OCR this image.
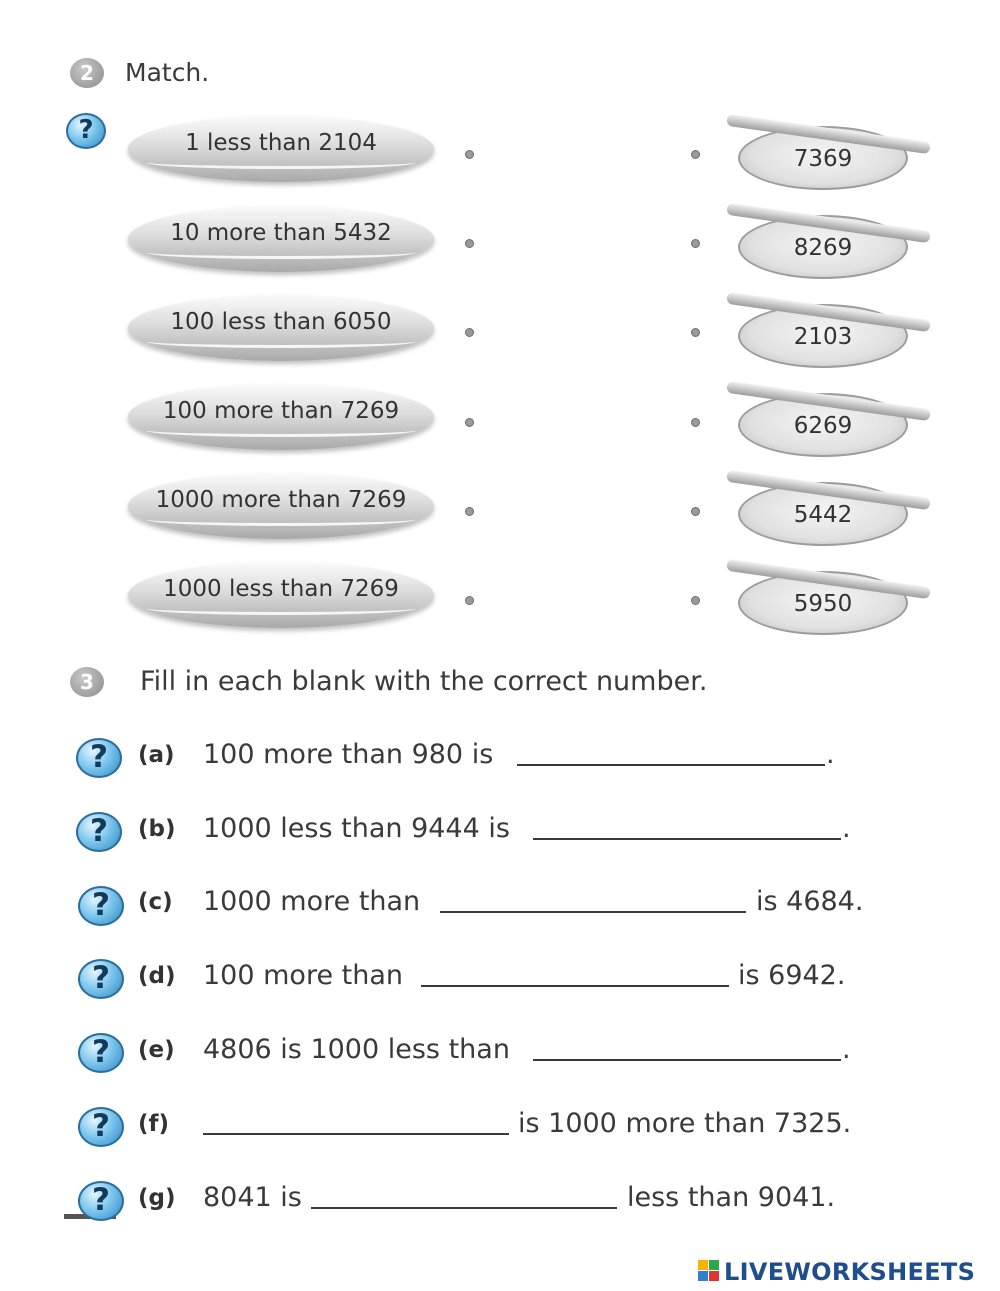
2	Match.
?	1 less than 2104
10 more than 5432
100 less than 6050
100 more than 7269
1000 more than 7269
1000 less than 7269
7369
8269
2103
6269
5442
5950
3	Fill in each blank with the correct number.
?	(a) 100 more than 980 is	.
?	(b) 1000 less than 9444 is	.
?	(c) 1000 more than	is 4684.
?	(d) 100 more than	is 6942.
?	(e) 4806 is 1000 less than	.
?	(f)	is 1000 more than 7325.
?	(g) 8041 is	less than 9041.
LIVEWORKSHEETS
